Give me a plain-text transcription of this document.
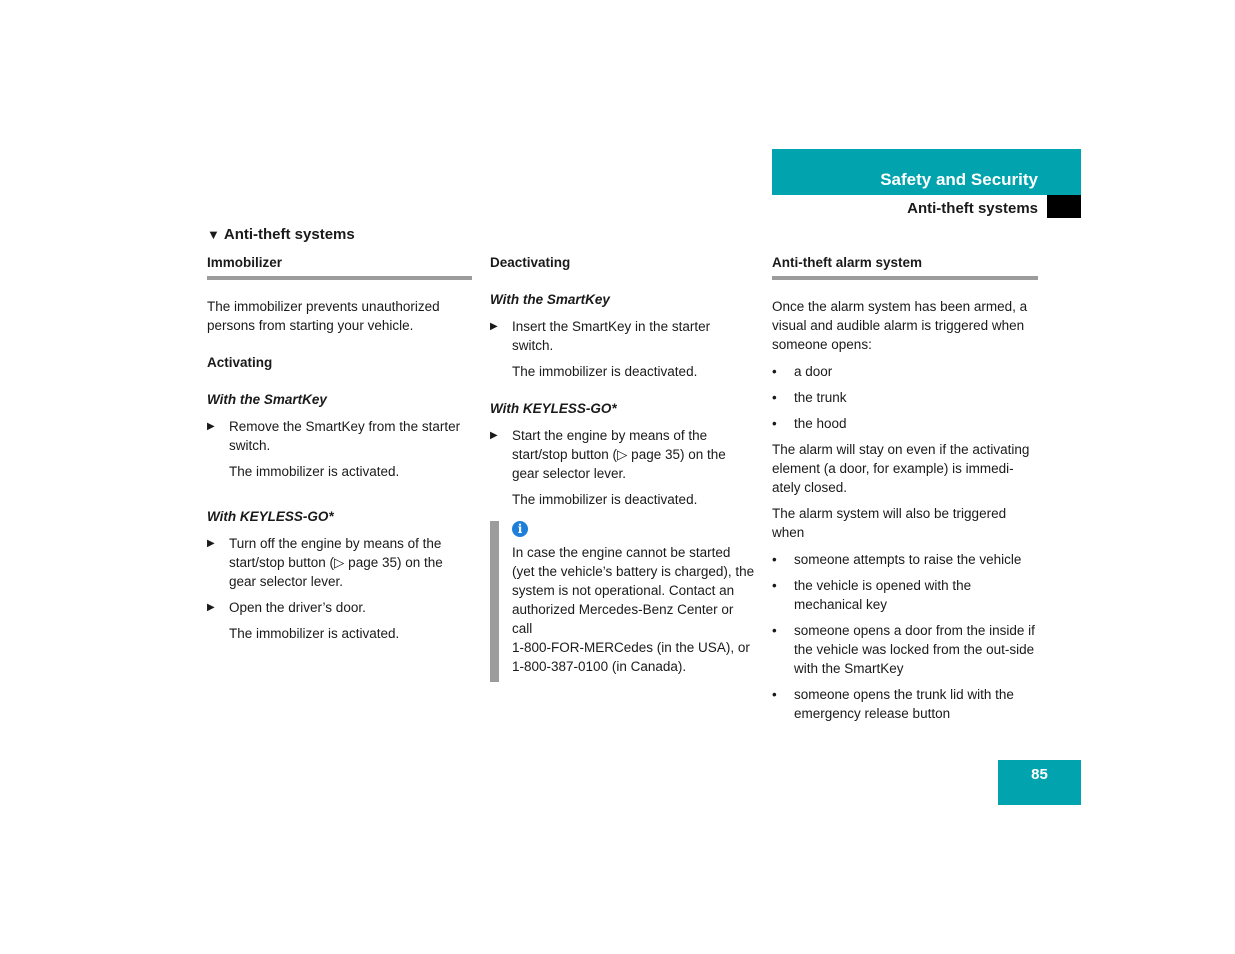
Safety and Security
Anti-theft systems
▼ Anti-theft systems
Immobilizer

The immobilizer prevents unauthorized persons from starting your vehicle.

Activating
With the SmartKey
▶ Remove the SmartKey from the starter switch.
The immobilizer is activated.
With KEYLESS-GO*
▶ Turn off the engine by means of the start/stop button (▷ page 35) on the gear selector lever.
▶ Open the driver’s door.
The immobilizer is activated.
Deactivating
With the SmartKey
▶ Insert the SmartKey in the starter switch.
The immobilizer is deactivated.
With KEYLESS-GO*
▶ Start the engine by means of the start/stop button (▷ page 35) on the gear selector lever.
The immobilizer is deactivated.
i
In case the engine cannot be started (yet the vehicle’s battery is charged), the system is not operational. Contact an authorized Mercedes-Benz Center or call
1-800-FOR-MERCedes (in the USA), or
1-800-387-0100 (in Canada).
Anti-theft alarm system

Once the alarm system has been armed, a visual and audible alarm is triggered when someone opens:

• a door
• the trunk
• the hood

The alarm will stay on even if the activating element (a door, for example) is immedi-ately closed.

The alarm system will also be triggered when

• someone attempts to raise the vehicle
• the vehicle is opened with the mechanical key
• someone opens a door from the inside if the vehicle was locked from the out-side with the SmartKey
• someone opens the trunk lid with the emergency release button
85
